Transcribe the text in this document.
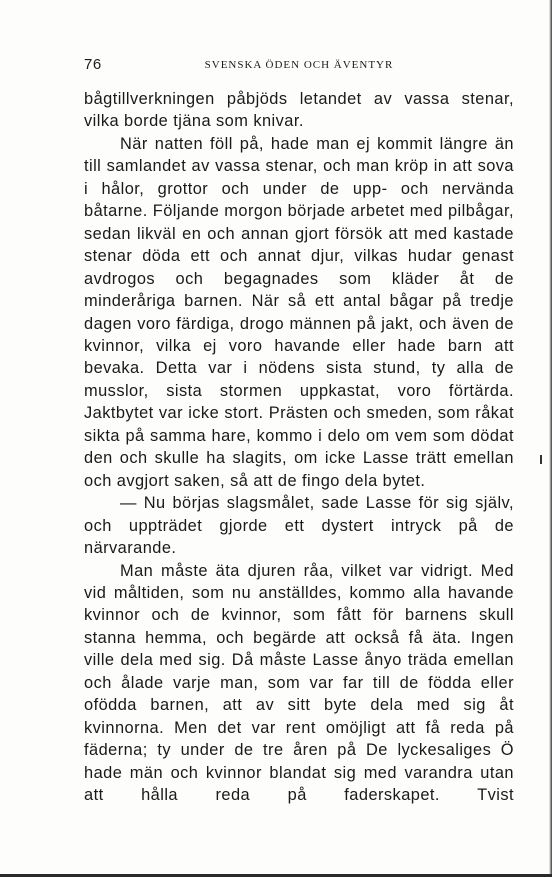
76	SVENSKA ÖDEN OCH ÄVENTYR

bågtillverkningen påbjöds letandet av vassa stenar, vilka borde tjäna som knivar.

När natten föll på, hade man ej kommit längre än till samlandet av vassa stenar, och man kröp in att sova i hålor, grottor och under de upp- och nervända båtarne. Följande morgon började arbetet med pilbågar, sedan likväl en och annan gjort försök att med kastade stenar döda ett och annat djur, vilkas hudar genast avdrogos och begagnades som kläder åt de minderåriga barnen. När så ett antal bågar på tredje dagen voro färdiga, drogo männen på jakt, och även de kvinnor, vilka ej voro havande eller hade barn att bevaka. Detta var i nödens sista stund, ty alla de musslor, sista stormen uppkastat, voro förtärda. Jaktbytet var icke stort. Prästen och smeden, som råkat sikta på samma hare, kommo i delo om vem som dödat den och skulle ha slagits, om icke Lasse trätt emellan och avgjort saken, så att de fingo dela bytet.

— Nu börjas slagsmålet, sade Lasse för sig själv, och uppträdet gjorde ett dystert intryck på de närvarande.

Man måste äta djuren råa, vilket var vidrigt. Med vid måltiden, som nu anställdes, kommo alla havande kvinnor och de kvinnor, som fått för barnens skull stanna hemma, och begärde att också få äta. Ingen ville dela med sig. Då måste Lasse ånyo träda emellan och ålade varje man, som var far till de födda eller ofödda barnen, att av sitt byte dela med sig åt kvinnorna. Men det var rent omöjligt att få reda på fäderna; ty under de tre åren på De lyckesaliges Ö hade män och kvinnor blandat sig med varandra utan att hålla reda på faderskapet. Tvist
